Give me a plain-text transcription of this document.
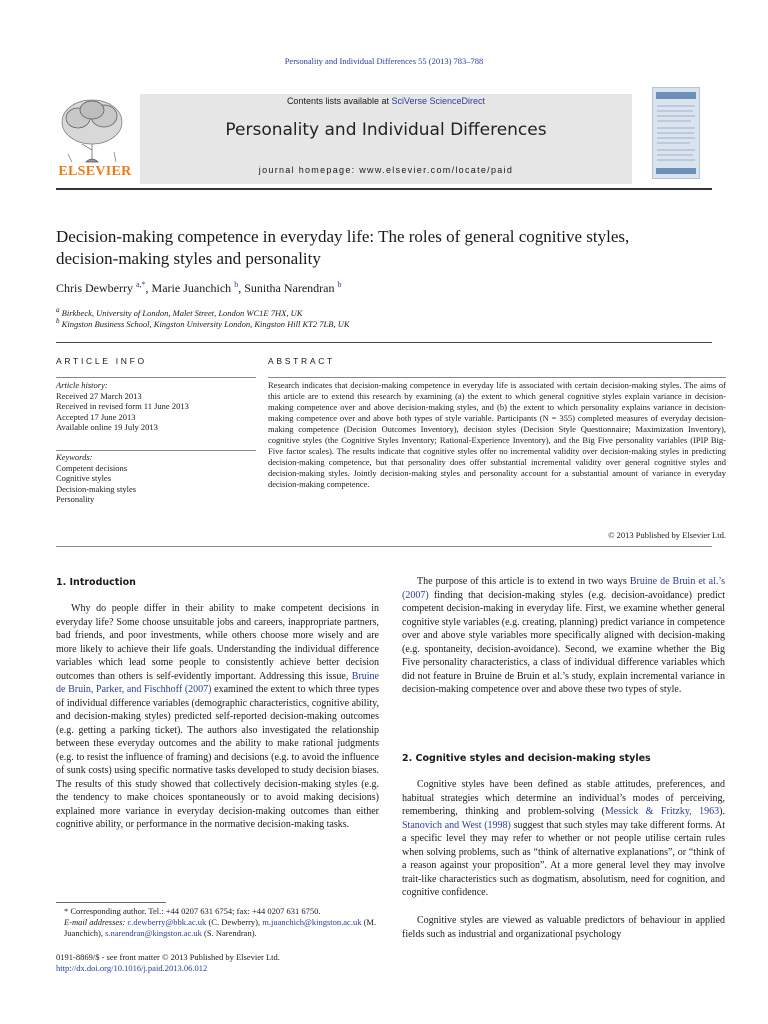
Personality and Individual Differences 55 (2013) 783–788
ELSEVIER
Contents lists available at SciVerse ScienceDirect
Personality and Individual Differences
journal homepage: www.elsevier.com/locate/paid
Decision-making competence in everyday life: The roles of general cognitive styles, decision-making styles and personality
Chris Dewberry $^{a,*}$, Marie Juanchich $^b$, Sunitha Narendran $^b$
$^a$ Birkbeck, University of London, Malet Street, London WC1E 7HX, UK
$^b$ Kingston Business School, Kingston University London, Kingston Hill KT2 7LB, UK
ARTICLE INFO	ABSTRACT
Article history:
Received 27 March 2013
Received in revised form 11 June 2013
Accepted 17 June 2013
Available online 19 July 2013
Keywords:
Competent decisions
Cognitive styles
Decision-making styles
Personality
Research indicates that decision-making competence in everyday life is associated with certain decision-making styles. The aims of this article are to extend this research by examining (a) the extent to which general cognitive styles explain variance in decision-making competence over and above decision-making styles, and (b) the extent to which personality explains variance in decision-making competence over and above both types of style variable. Participants (N = 355) completed measures of everyday decision-making competence (Decision Outcomes Inventory), decision styles (Decision Style Questionnaire; Maximization Inventory), cognitive styles (the Cognitive Styles Inventory; Rational-Experience Inventory), and the Big Five personality variables (IPIP Big-Five factor scales). The results indicate that cognitive styles offer no incremental validity over decision-making styles in predicting decision-making competence, but that personality does offer substantial incremental validity over general cognitive styles and decision-making styles. Jointly decision-making styles and personality account for a substantial amount of variance in everyday decision-making competence.
© 2013 Published by Elsevier Ltd.
1. Introduction

Why do people differ in their ability to make competent decisions in everyday life? Some choose unsuitable jobs and careers, inappropriate partners, bad friends, and poor investments, while others choose more wisely and are more likely to achieve their life goals. Understanding the individual difference variables which lead some people to consistently achieve better decision outcomes than others is self-evidently important. Addressing this issue, Bruine de Bruin, Parker, and Fischhoff (2007) examined the extent to which three types of individual difference variables (demographic characteristics, cognitive ability, and decision-making styles) predicted self-reported decision-making outcomes (e.g. getting a parking ticket). The authors also investigated the relationship between these everyday outcomes and the ability to make rational judgments (e.g. to resist the influence of framing) and decisions (e.g. to avoid the influence of sunk costs) using specific normative tasks developed to study decision biases. The results of this study showed that collectively decision-making styles (e.g. the tendency to make choices spontaneously or to avoid making decisions) explained more variance in everyday decision-making outcomes than either cognitive ability, or performance in the normative decision-making tasks.

The purpose of this article is to extend in two ways Bruine de Bruin et al.’s (2007) finding that decision-making styles (e.g. decision-avoidance) predict competent decision-making in everyday life. First, we examine whether general cognitive style variables (e.g. creating, planning) predict variance in competence over and above style variables more specifically aligned with decision-making (e.g. spontaneity, decision-avoidance). Second, we examine whether the Big Five personality characteristics, a class of individual difference variables which did not feature in Bruine de Bruin et al.’s study, explain incremental variance in decision-making competence over and above these two types of style.

2. Cognitive styles and decision-making styles

Cognitive styles have been defined as stable attitudes, preferences, and habitual strategies which determine an individual’s modes of perceiving, remembering, thinking and problem-solving (Messick & Fritzky, 1963). Stanovich and West (1998) suggest that such styles may take different forms. At a specific level they may refer to whether or not people utilise certain rules when solving problems, such as “think of alternative explanations”, or “think of a reason against your proposition”. At a more general level they may involve trait-like characteristics such as dogmatism, absolutism, need for cognition, and cognitive confidence.

Cognitive styles are viewed as valuable predictors of behaviour in applied fields such as industrial and organizational psychology

* Corresponding author. Tel.: +44 0207 631 6754; fax: +44 0207 631 6750.
E-mail addresses: c.dewberry@bbk.ac.uk (C. Dewberry), m.juanchich@kingston.ac.uk (M. Juanchich), s.narendran@kingston.ac.uk (S. Narendran).
0191-8869/$ - see front matter © 2013 Published by Elsevier Ltd.
http://dx.doi.org/10.1016/j.paid.2013.06.012
